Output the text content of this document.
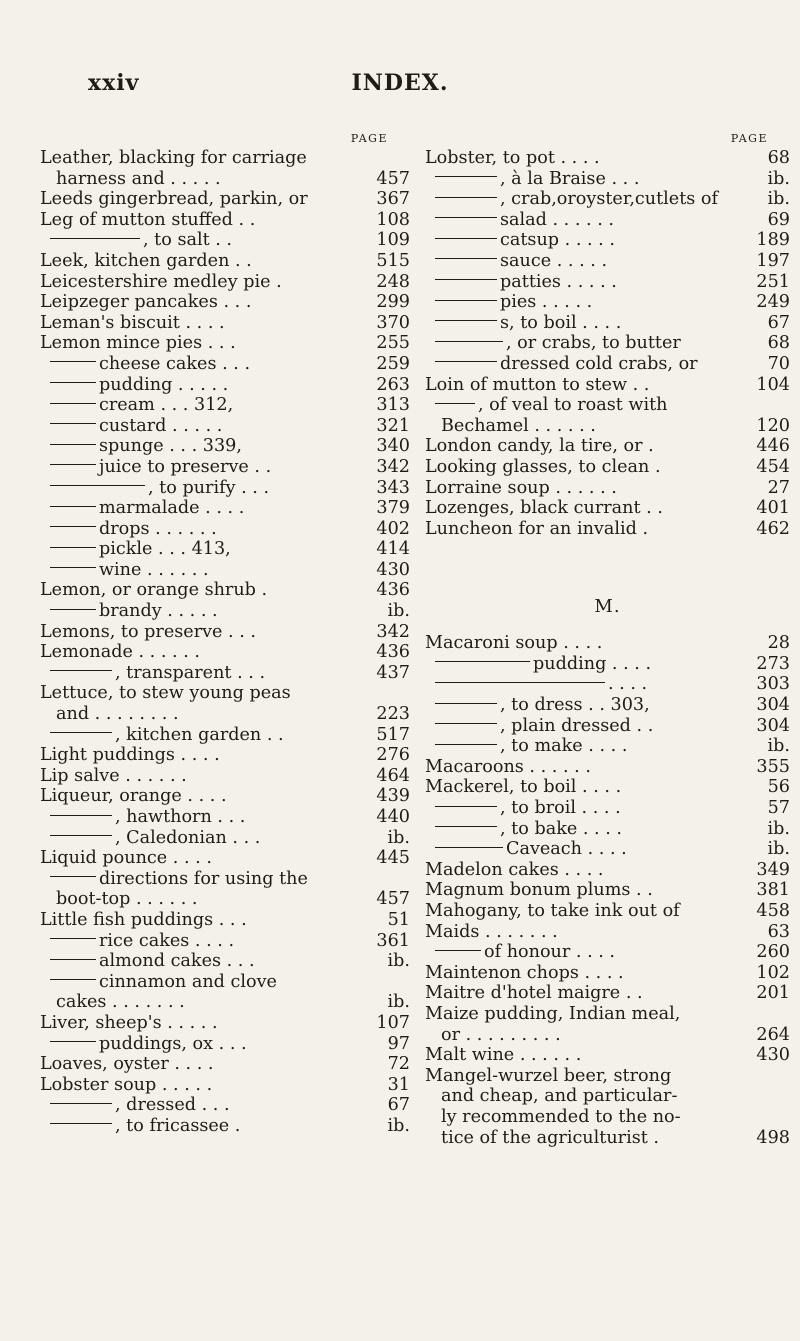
xxiv	INDEX.
PAGE
Leather, blacking for carriage
harness and . . . . .	457
Leeds gingerbread, parkin, or	367
Leg of mutton stuffed . .	108
, to salt . .	109
Leek, kitchen garden . .	515
Leicestershire medley pie .	248
Leipzeger pancakes . . .	299
Leman's biscuit . . . .	370
Lemon mince pies . . .	255
cheese cakes . . .	259
pudding . . . . .	263
cream . . . 312,	313
custard . . . . .	321
spunge . . . 339,	340
juice to preserve . .	342
, to purify . . .	343
marmalade . . . .	379
drops . . . . . .	402
pickle . . . 413,	414
wine . . . . . .	430
Lemon, or orange shrub .	436
brandy . . . . .	ib.
Lemons, to preserve . . .	342
Lemonade . . . . . .	436
, transparent . . .	437
Lettuce, to stew young peas
and . . . . . . . .	223
, kitchen garden . .	517
Light puddings . . . .	276
Lip salve . . . . . .	464
Liqueur, orange . . . .	439
, hawthorn . . .	440
, Caledonian . . .	ib.
Liquid pounce . . . .	445
directions for using the
boot-top . . . . . .	457
Little fish puddings . . .	51
rice cakes . . . .	361
almond cakes . . .	ib.
cinnamon and clove
cakes . . . . . . .	ib.
Liver, sheep's . . . . .	107
puddings, ox . . .	97
Loaves, oyster . . . .	72
Lobster soup . . . . .	31
, dressed . . .	67
, to fricassee .	ib.
PAGE
Lobster, to pot . . . .	68
, à la Braise . . .	ib.
, crab,oroyster,cutlets of	ib.
salad . . . . . .	69
catsup . . . . .	189
sauce . . . . .	197
patties . . . . .	251
pies . . . . .	249
s, to boil . . . .	67
, or crabs, to butter	68
dressed cold crabs, or	70
Loin of mutton to stew . .	104
, of veal to roast with
Bechamel . . . . . .	120
London candy, la tire, or .	446
Looking glasses, to clean .	454
Lorraine soup . . . . . .	27
Lozenges, black currant . .	401
Luncheon for an invalid .	462
M.
Macaroni soup . . . .	28
pudding . . . .	273
. . . .	303
, to dress . . 303,	304
, plain dressed . .	304
, to make . . . .	ib.
Macaroons . . . . . .	355
Mackerel, to boil . . . .	56
, to broil . . . .	57
, to bake . . . .	ib.
Caveach . . . .	ib.
Madelon cakes . . . .	349
Magnum bonum plums . .	381
Mahogany, to take ink out of	458
Maids . . . . . . .	63
of honour . . . .	260
Maintenon chops . . . .	102
Maitre d'hotel maigre . .	201
Maize pudding, Indian meal,
or . . . . . . . . .	264
Malt wine . . . . . .	430
Mangel-wurzel beer, strong
and cheap, and particular-
ly recommended to the no-
tice of the agriculturist .	498
